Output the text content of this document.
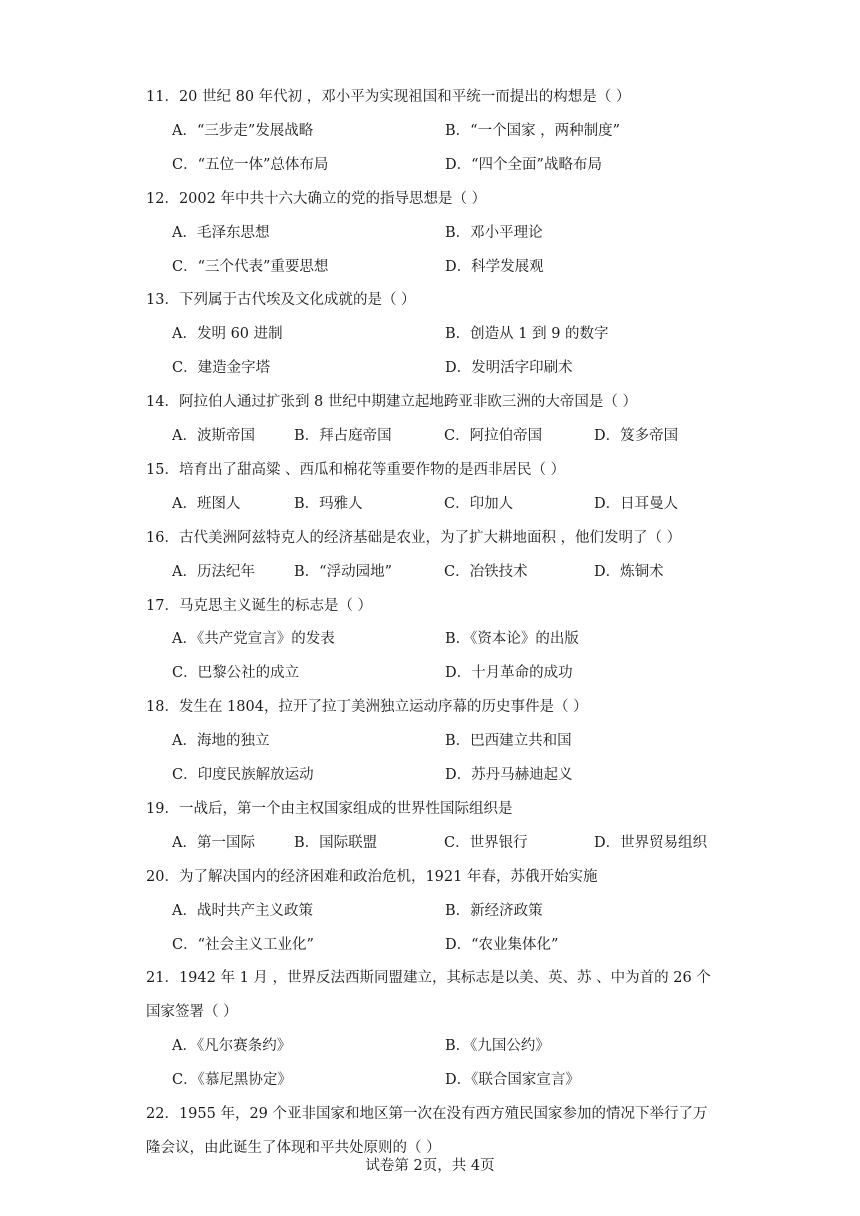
11．20 世纪 80 年代初 ，邓小平为实现祖国和平统一而提出的构想是（ ）
A．“三步走”发展战略	B．“一个国家 ，两种制度”
C．“五位一体”总体布局	D．“四个全面”战略布局
12．2002 年中共十六大确立的党的指导思想是（ ）
A．毛泽东思想	B．邓小平理论
C．“三个代表”重要思想	D．科学发展观
13．下列属于古代埃及文化成就的是（ ）
A．发明 60 进制	B．创造从 1 到 9 的数字
C．建造金字塔	D．发明活字印刷术
14．阿拉伯人通过扩张到 8 世纪中期建立起地跨亚非欧三洲的大帝国是（ ）
A．波斯帝国	B．拜占庭帝国	C．阿拉伯帝国	D．笈多帝国
15．培育出了甜高粱 、西瓜和棉花等重要作物的是西非居民（ ）
A．班图人	B．玛雅人	C．印加人	D．日耳曼人
16．古代美洲阿兹特克人的经济基础是农业，为了扩大耕地面积 ，他们发明了（ ）
A．历法纪年	B．“浮动园地”	C．冶铁技术	D．炼铜术
17．马克思主义诞生的标志是（ ）
A．《共产党宣言》的发表	B．《资本论》的出版
C．巴黎公社的成立	D．十月革命的成功
18．发生在 1804，拉开了拉丁美洲独立运动序幕的历史事件是（ ）
A．海地的独立	B．巴西建立共和国
C．印度民族解放运动	D．苏丹马赫迪起义
19．一战后，第一个由主权国家组成的世界性国际组织是
A．第一国际	B．国际联盟	C．世界银行	D．世界贸易组织
20．为了解决国内的经济困难和政治危机，1921 年春，苏俄开始实施
A．战时共产主义政策	B．新经济政策
C．“社会主义工业化”	D．“农业集体化”
21．1942 年 1 月 ，世界反法西斯同盟建立，其标志是以美、英、苏 、中为首的 26 个
国家签署（ ）
A．《凡尔赛条约》	B．《九国公约》
C．《慕尼黑协定》	D．《联合国家宣言》
22．1955 年，29 个亚非国家和地区第一次在没有西方殖民国家参加的情况下举行了万
隆会议，由此诞生了体现和平共处原则的（ ）
试卷第 2页，共 4页
